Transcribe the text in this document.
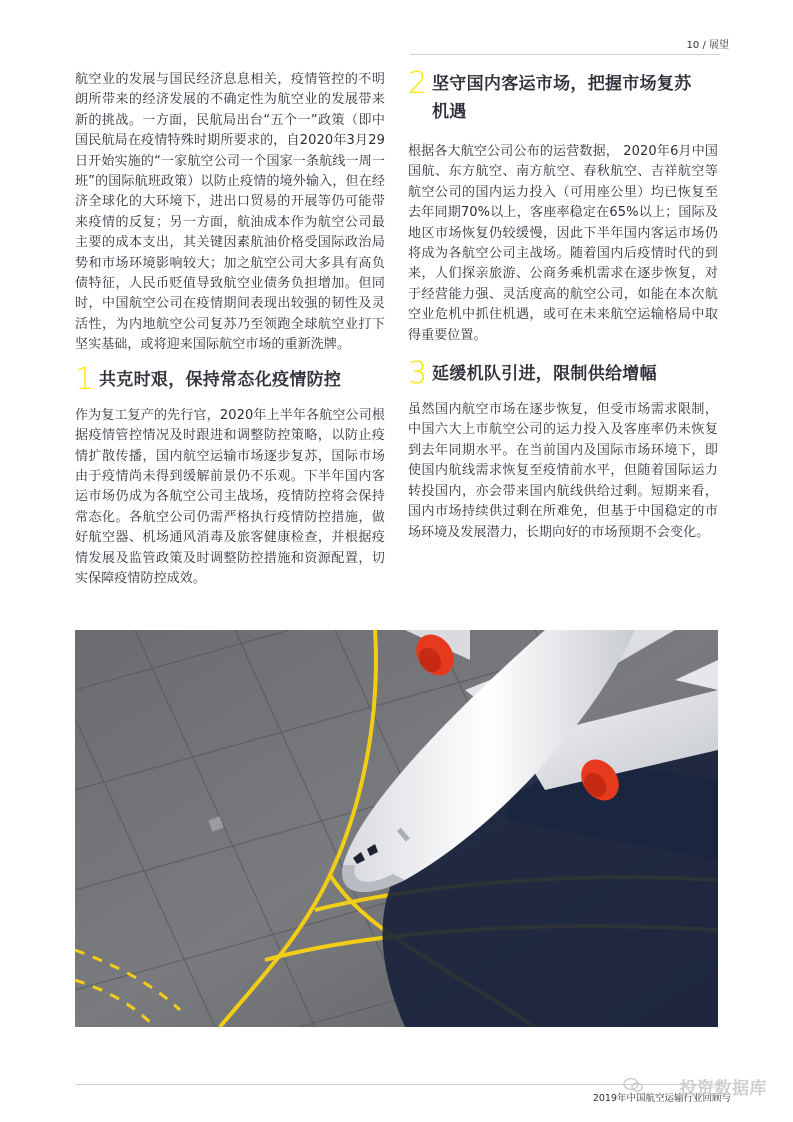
10 / 展望

航空业的发展与国民经济息息相关，疫情管控的不明朗所带来的经济发展的不确定性为航空业的发展带来新的挑战。一方面，民航局出台“五个一”政策（即中国民航局在疫情特殊时期所要求的，自2020年3月29日开始实施的“一家航空公司一个国家一条航线一周一班”的国际航班政策）以防止疫情的境外输入，但在经济全球化的大环境下，进出口贸易的开展等仍可能带来疫情的反复；另一方面，航油成本作为航空公司最主要的成本支出，其关键因素航油价格受国际政治局势和市场环境影响较大；加之航空公司大多具有高负债特征，人民币贬值导致航空业债务负担增加。但同时，中国航空公司在疫情期间表现出较强的韧性及灵活性，为内地航空公司复苏乃至领跑全球航空业打下坚实基础，或将迎来国际航空市场的重新洗牌。

1 共克时艰，保持常态化疫情防控

作为复工复产的先行官，2020年上半年各航空公司根据疫情管控情况及时跟进和调整防控策略，以防止疫情扩散传播，国内航空运输市场逐步复苏，国际市场由于疫情尚未得到缓解前景仍不乐观。下半年国内客运市场仍成为各航空公司主战场，疫情防控将会保持常态化。各航空公司仍需严格执行疫情防控措施，做好航空器、机场通风消毒及旅客健康检查，并根据疫情发展及监管政策及时调整防控措施和资源配置，切实保障疫情防控成效。

2 坚守国内客运市场，把握市场复苏
机遇

根据各大航空公司公布的运营数据， 2020年6月中国国航、东方航空、南方航空、春秋航空、吉祥航空等航空公司的国内运力投入（可用座公里）均已恢复至去年同期70%以上，客座率稳定在65%以上；国际及地区市场恢复仍较缓慢，因此下半年国内客运市场仍将成为各航空公司主战场。随着国内后疫情时代的到来，人们探亲旅游、公商务乘机需求在逐步恢复，对于经营能力强、灵活度高的航空公司，如能在本次航空业危机中抓住机遇，或可在未来航空运输格局中取得重要位置。

3 延缓机队引进，限制供给增幅

虽然国内航空市场在逐步恢复，但受市场需求限制，中国六大上市航空公司的运力投入及客座率仍未恢复到去年同期水平。在当前国内及国际市场环境下，即使国内航线需求恢复至疫情前水平，但随着国际运力转投国内，亦会带来国内航线供给过剩。短期来看，国内市场持续供过剩在所难免，但基于中国稳定的市场环境及发展潜力，长期向好的市场预期不会变化。

2019年中国航空运输行业回顾与
投资数据库
